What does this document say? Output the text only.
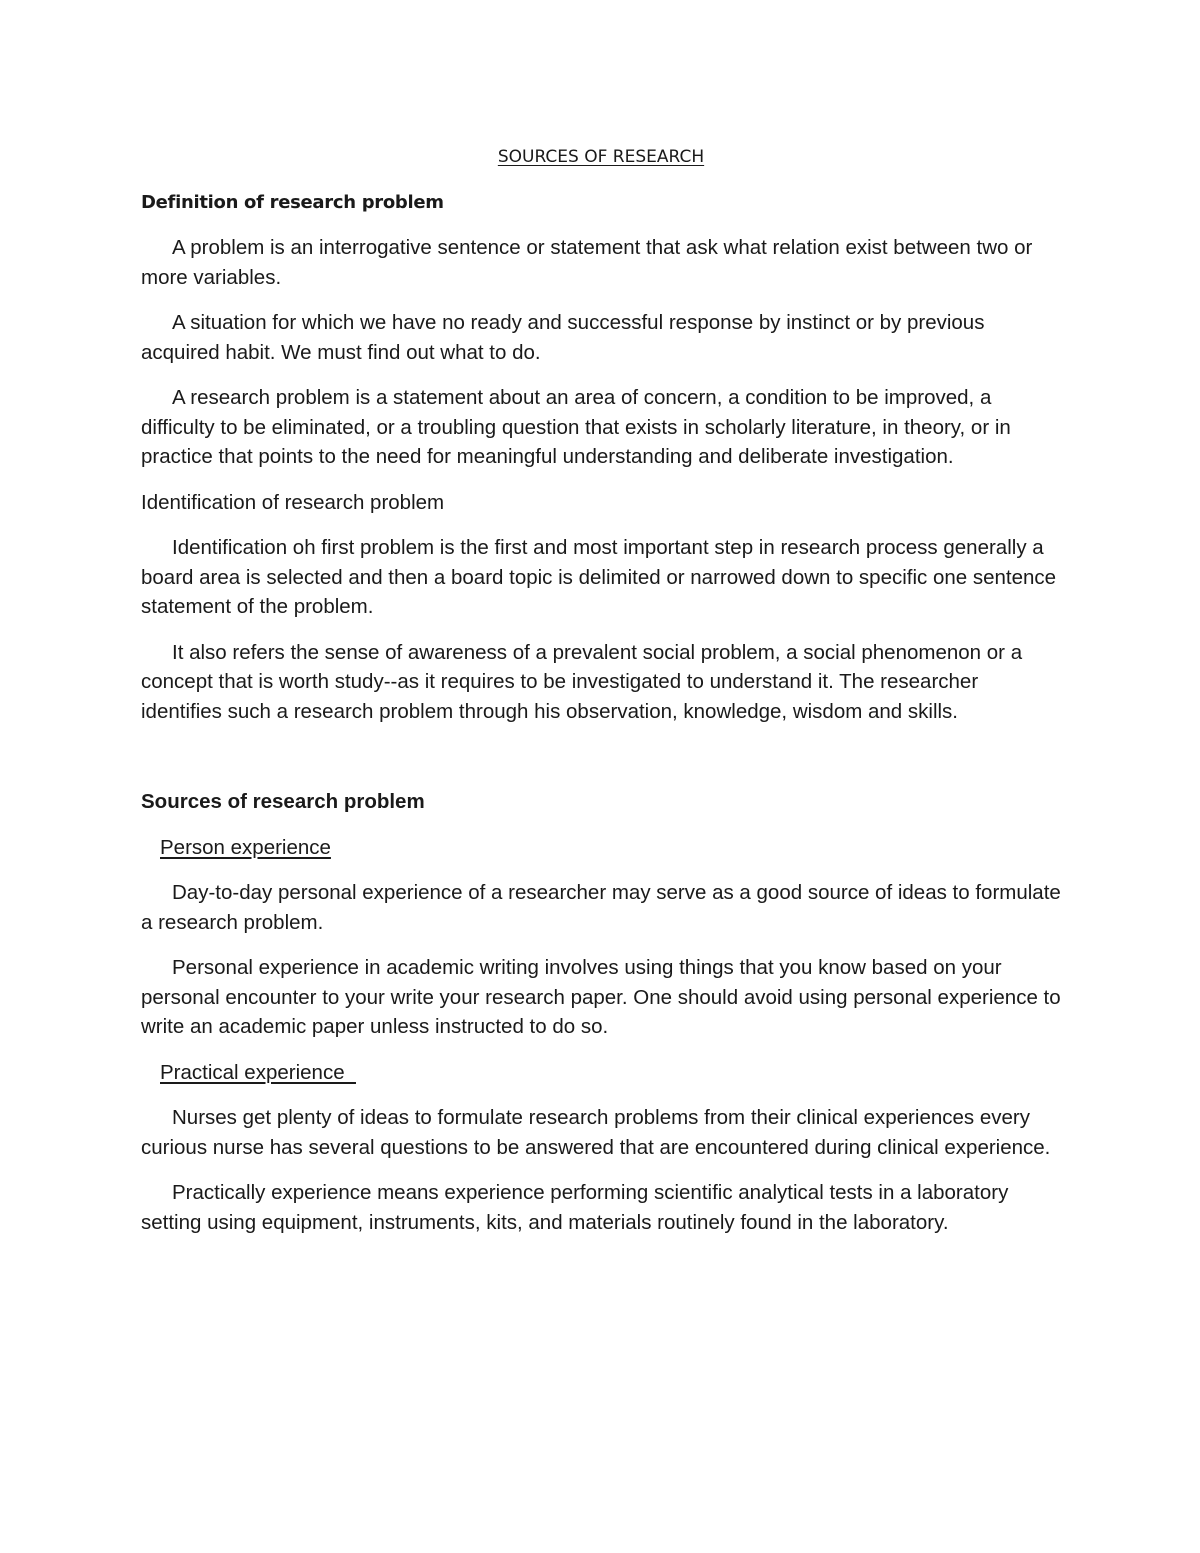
SOURCES OF RESEARCH
Definition of research problem

A problem is an interrogative sentence or statement that ask what relation exist between two or more variables.

A situation for which we have no ready and successful response by instinct or by previous acquired habit. We must find out what to do.

A research problem is a statement about an area of concern, a condition to be improved, a difficulty to be eliminated, or a troubling question that exists in scholarly literature, in theory, or in practice that points to the need for meaningful understanding and deliberate investigation.

Identification of research problem

Identification oh first problem is the first and most important step in research process generally a board area is selected and then a board topic is delimited or narrowed down to specific one sentence statement of the problem.

It also refers the sense of awareness of a prevalent social problem, a social phenomenon or a concept that is worth study--as it requires to be investigated to understand it. The researcher identifies such a research problem through his observation, knowledge, wisdom and skills.

Sources of research problem
Person experience

Day-to-day personal experience of a researcher may serve as a good source of ideas to formulate a research problem.

Personal experience in academic writing involves using things that you know based on your personal encounter to your write your research paper. One should avoid using personal experience to write an academic paper unless instructed to do so.

Practical experience

Nurses get plenty of ideas to formulate research problems from their clinical experiences every curious nurse has several questions to be answered that are encountered during clinical experience.

Practically experience means experience performing scientific analytical tests in a laboratory setting using equipment, instruments, kits, and materials routinely found in the laboratory.
